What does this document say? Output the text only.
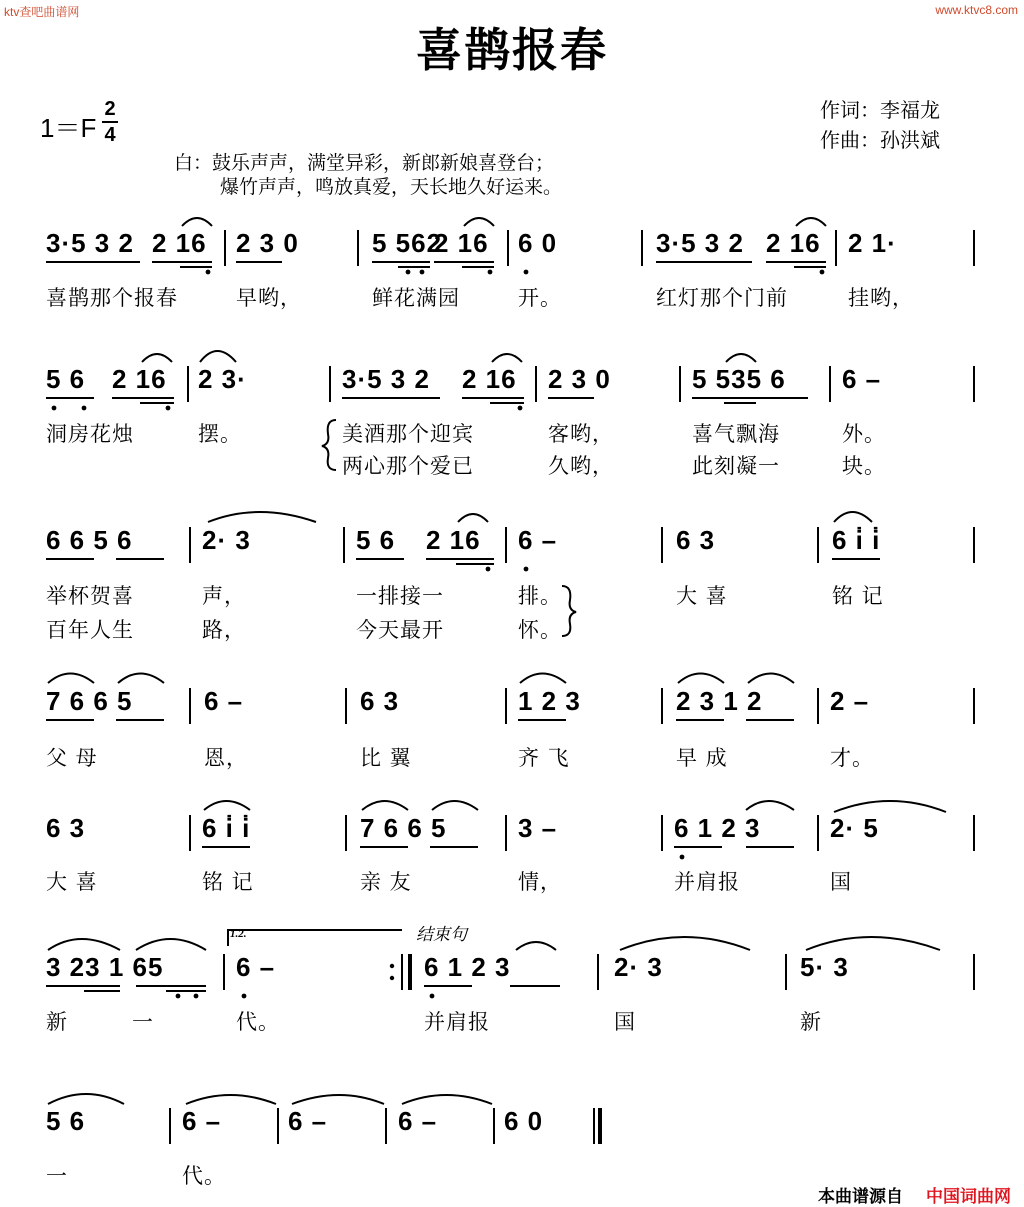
ktv查吧曲谱网	www.ktvc8.com
喜鹊报春
1＝F
2
4
作词：李福龙
作曲：孙洪斌
白：鼓乐声声，满堂异彩，新郎新娘喜登台；
爆竹声声，鸣放真爱，天长地久好运来。
3·5 3 2 2 16 2 3 0	5 562
2 16 6 0	3·5 3 2 2 16 2 1·
喜鹊那个报春	早哟，	鲜花满园	开。	红灯那个门前	挂哟，
5 6 2 16 2 3·	3·5 3 2 2 16 2 3 0	5 535 6 6 –
洞房花烛	摆。	美酒那个迎宾	客哟，	喜气飘海	外。
两心那个爱已	久哟，	此刻凝一	块。
6 6 5 6	2· 3	5 6 2 16 6 –	6 3	6 i̇ i̇
举杯贺喜	声，	一排接一	排。	大 喜	铭 记
百年人生	路，	今天最开	怀。
7 6 6 5	6 –	6 3	1 2 3	2 3 1 2	2 –
父 母	恩，	比 翼	齐 飞	早 成	才。
6 3	6 i̇ i̇	7 6 6 5	3 –	6 1 2 3	2· 5
大 喜	铭 记	亲 友	情，	并肩报	国
3 23 1 65	6 –	6 1 2 3	2· 3	5· 3
新	一	代。	并肩报	国	新
5 6	6 –	6 –	6 –	6 0
一	代。
1.2.	结束句
本曲谱源自 中国词曲网
